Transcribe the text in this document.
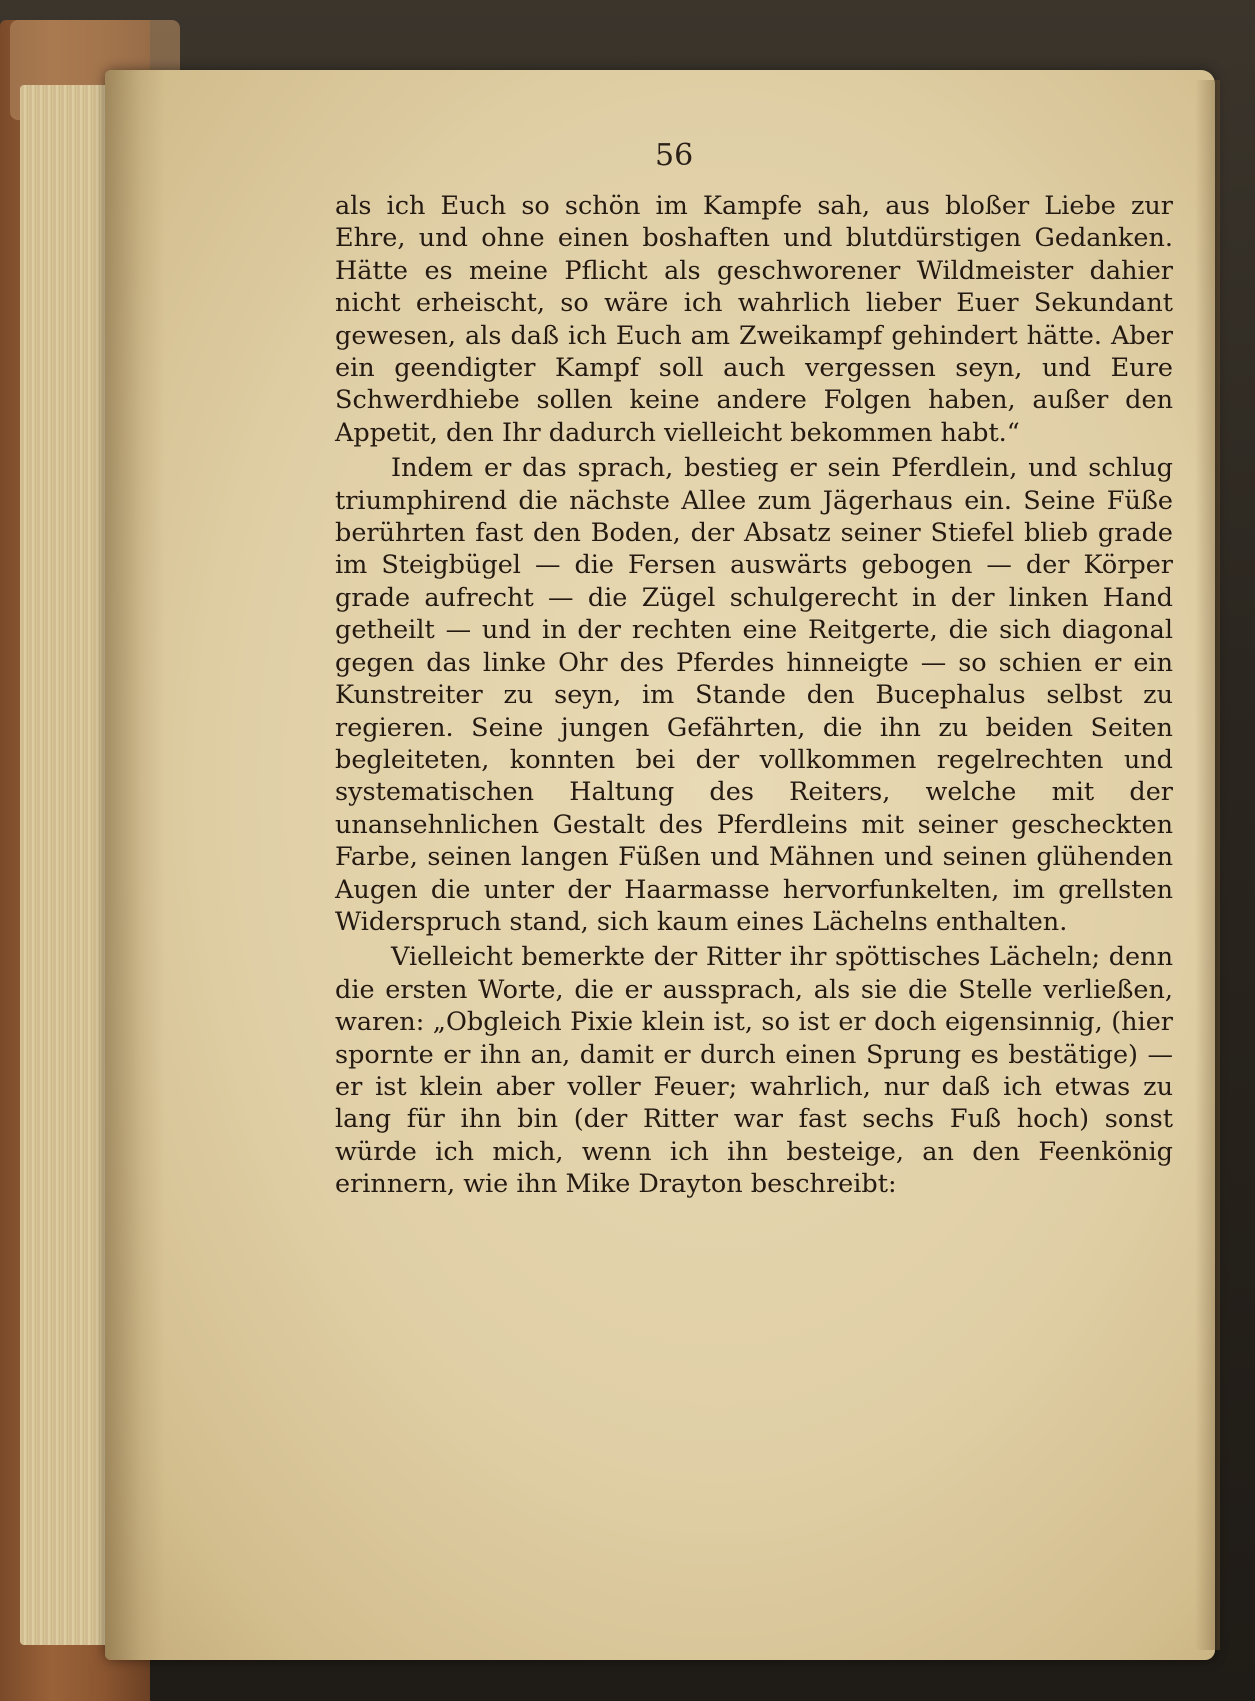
56

als ich Euch so schön im Kampfe sah, aus bloßer Liebe zur Ehre, und ohne einen boshaften und blutdürstigen Gedanken. Hätte es meine Pflicht als geschworener Wildmeister dahier nicht erheischt, so wäre ich wahrlich lieber Euer Sekundant gewesen, als daß ich Euch am Zweikampf gehindert hätte. Aber ein geendigter Kampf soll auch vergessen seyn, und Eure Schwerdhiebe sollen keine andere Folgen haben, außer den Appetit, den Ihr dadurch vielleicht bekommen habt.“

Indem er das sprach, bestieg er sein Pferdlein, und schlug triumphirend die nächste Allee zum Jägerhaus ein. Seine Füße berührten fast den Boden, der Absatz seiner Stiefel blieb grade im Steigbügel — die Fersen auswärts gebogen — der Körper grade aufrecht — die Zügel schulgerecht in der linken Hand getheilt — und in der rechten eine Reitgerte, die sich diagonal gegen das linke Ohr des Pferdes hinneigte — so schien er ein Kunstreiter zu seyn, im Stande den Bucephalus selbst zu regieren. Seine jungen Gefährten, die ihn zu beiden Seiten begleiteten, konnten bei der vollkommen regelrechten und systematischen Haltung des Reiters, welche mit der unansehnlichen Gestalt des Pferdleins mit seiner gescheckten Farbe, seinen langen Füßen und Mähnen und seinen glühenden Augen die unter der Haarmasse hervorfunkelten, im grellsten Widerspruch stand, sich kaum eines Lächelns enthalten.

Vielleicht bemerkte der Ritter ihr spöttisches Lächeln; denn die ersten Worte, die er aussprach, als sie die Stelle verließen, waren: „Obgleich Pixie klein ist, so ist er doch eigensinnig, (hier spornte er ihn an, damit er durch einen Sprung es bestätige) — er ist klein aber voller Feuer; wahrlich, nur daß ich etwas zu lang für ihn bin (der Ritter war fast sechs Fuß hoch) sonst würde ich mich, wenn ich ihn besteige, an den Feenkönig erinnern, wie ihn Mike Drayton beschreibt:
